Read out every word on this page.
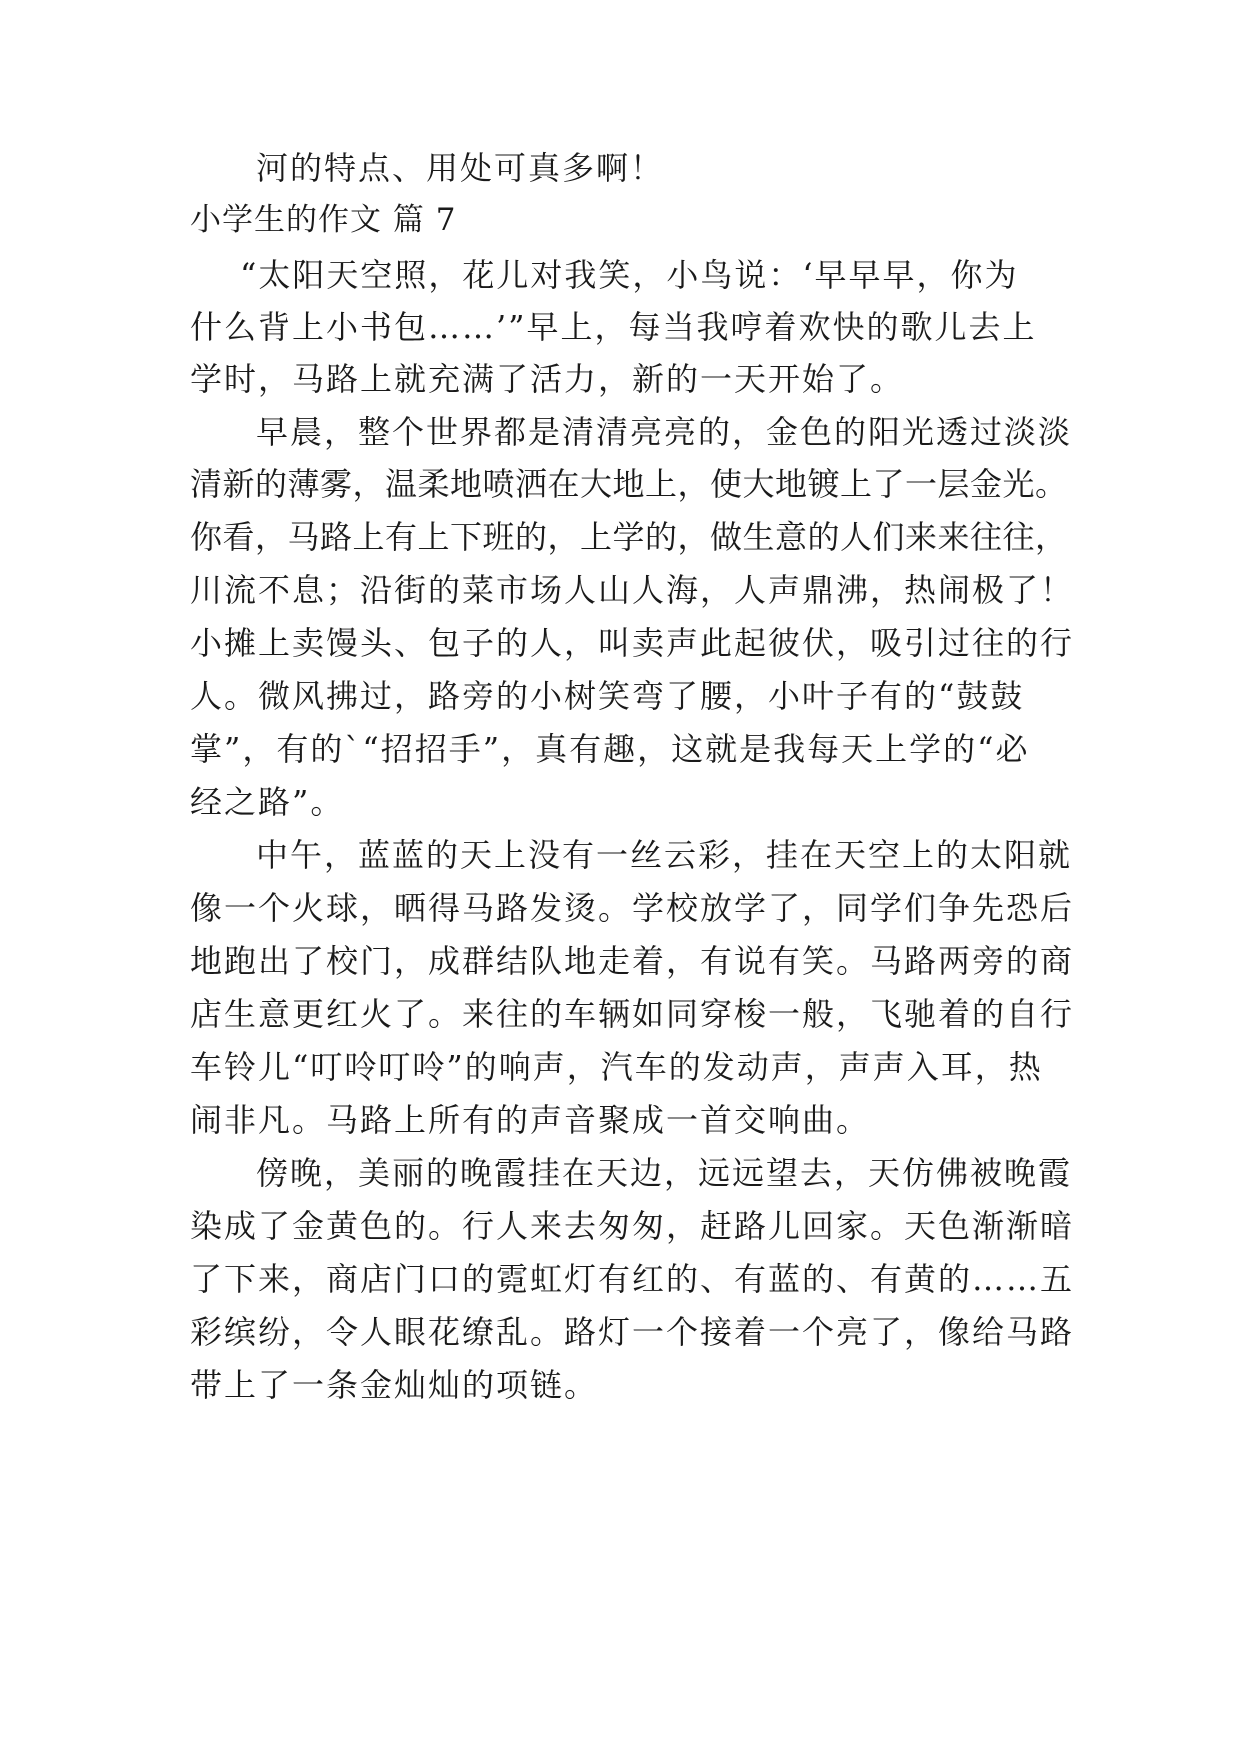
河的特点、用处可真多啊！
小学生的作文 篇 7
“太阳天空照，花儿对我笑，小鸟说：‘早早早，你为
什么背上小书包……’”早上，每当我哼着欢快的歌儿去上
学时，马路上就充满了活力，新的一天开始了。
早晨，整个世界都是清清亮亮的，金色的阳光透过淡淡
清新的薄雾，温柔地喷洒在大地上，使大地镀上了一层金光。
你看，马路上有上下班的，上学的，做生意的人们来来往往，
川流不息；沿街的菜市场人山人海，人声鼎沸，热闹极了！
小摊上卖馒头、包子的人，叫卖声此起彼伏，吸引过往的行
人。微风拂过，路旁的小树笑弯了腰，小叶子有的“鼓鼓
掌”，有的`“招招手”，真有趣，这就是我每天上学的“必
经之路”。
中午，蓝蓝的天上没有一丝云彩，挂在天空上的太阳就
像一个火球，晒得马路发烫。学校放学了，同学们争先恐后
地跑出了校门，成群结队地走着，有说有笑。马路两旁的商
店生意更红火了。来往的车辆如同穿梭一般，飞驰着的自行
车铃儿“叮呤叮呤”的响声，汽车的发动声，声声入耳，热
闹非凡。马路上所有的声音聚成一首交响曲。
傍晚，美丽的晚霞挂在天边，远远望去，天仿佛被晚霞
染成了金黄色的。行人来去匆匆，赶路儿回家。天色渐渐暗
了下来，商店门口的霓虹灯有红的、有蓝的、有黄的……五
彩缤纷，令人眼花缭乱。路灯一个接着一个亮了，像给马路
带上了一条金灿灿的项链。
